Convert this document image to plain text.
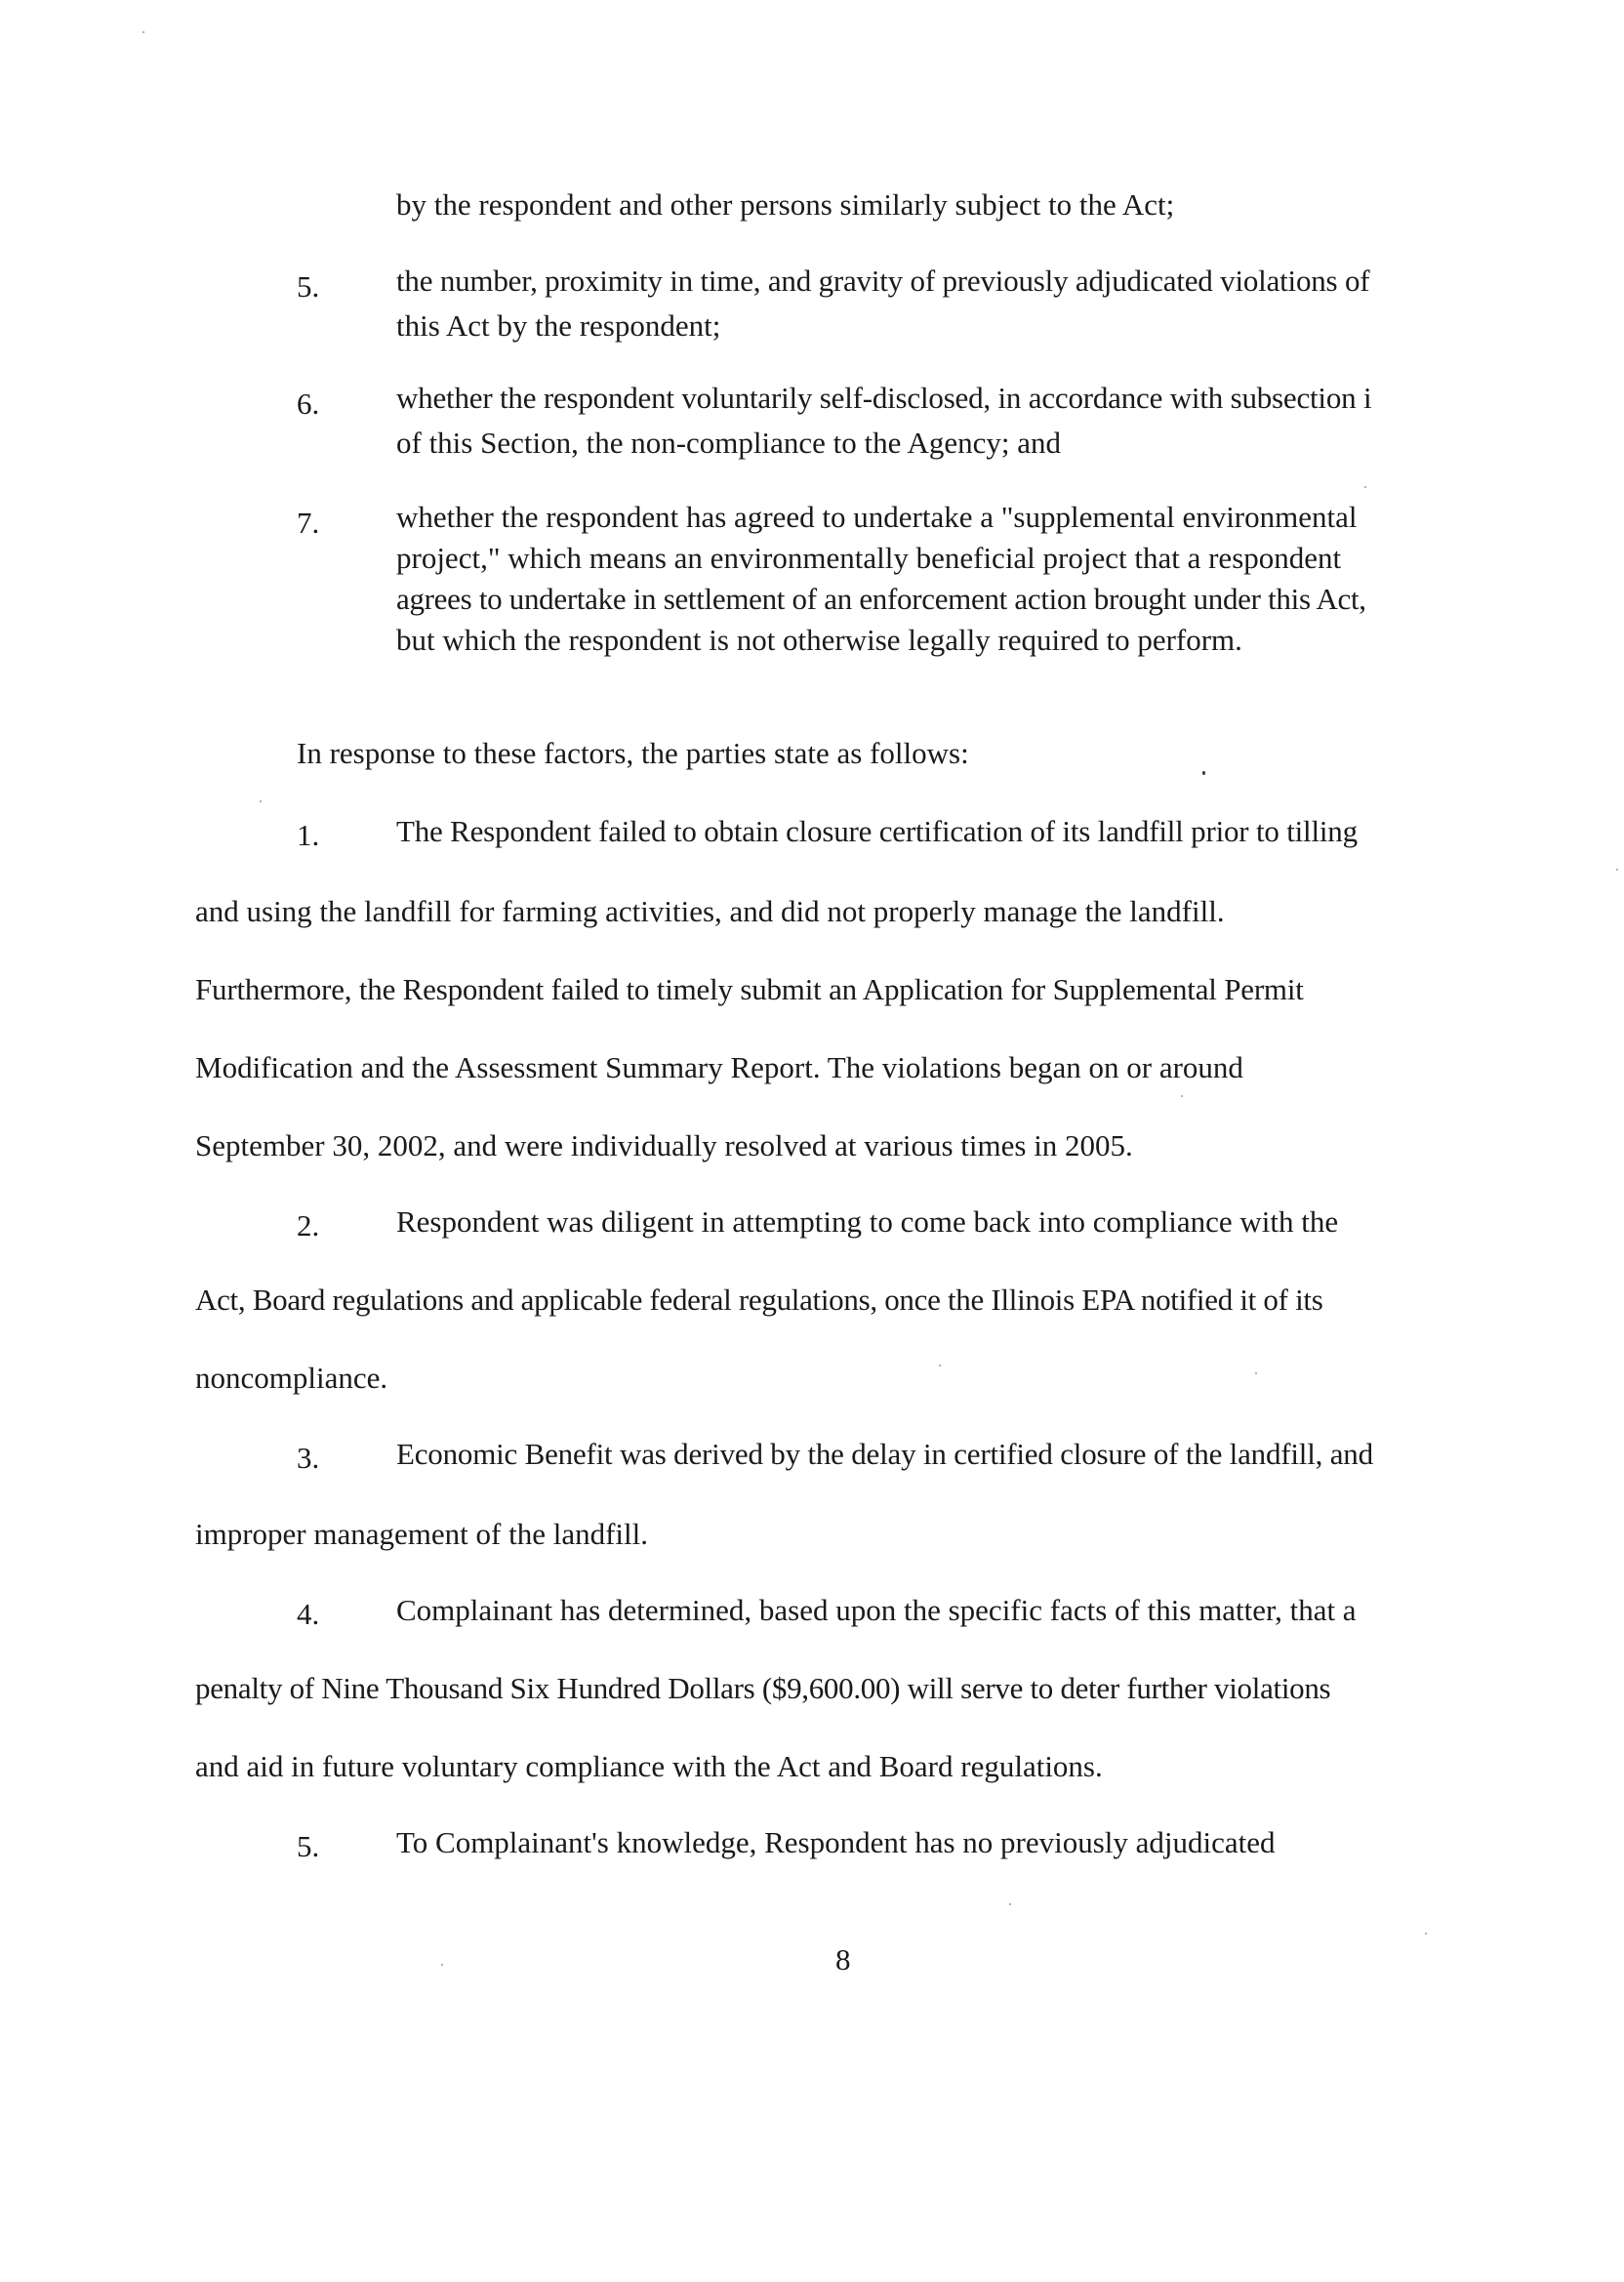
by the respondent and other persons similarly subject to the Act;
5.	the number, proximity in time, and gravity of previously adjudicated violations of
this Act by the respondent;
6.	whether the respondent voluntarily self-disclosed, in accordance with subsection i
of this Section, the non-compliance to the Agency; and
7.	whether the respondent has agreed to undertake a "supplemental environmental
project," which means an environmentally beneficial project that a respondent
agrees to undertake in settlement of an enforcement action brought under this Act,
but which the respondent is not otherwise legally required to perform.
In response to these factors, the parties state as follows:
1.	The Respondent failed to obtain closure certification of its landfill prior to tilling
and using the landfill for farming activities, and did not properly manage the landfill.
Furthermore, the Respondent failed to timely submit an Application for Supplemental Permit
Modification and the Assessment Summary Report. The violations began on or around
September 30, 2002, and were individually resolved at various times in 2005.
2.	Respondent was diligent in attempting to come back into compliance with the
Act, Board regulations and applicable federal regulations, once the Illinois EPA notified it of its
noncompliance.
3.	Economic Benefit was derived by the delay in certified closure of the landfill, and
improper management of the landfill.
4.	Complainant has determined, based upon the specific facts of this matter, that a
penalty of Nine Thousand Six Hundred Dollars ($9,600.00) will serve to deter further violations
and aid in future voluntary compliance with the Act and Board regulations.
5.	To Complainant's knowledge, Respondent has no previously adjudicated
8
